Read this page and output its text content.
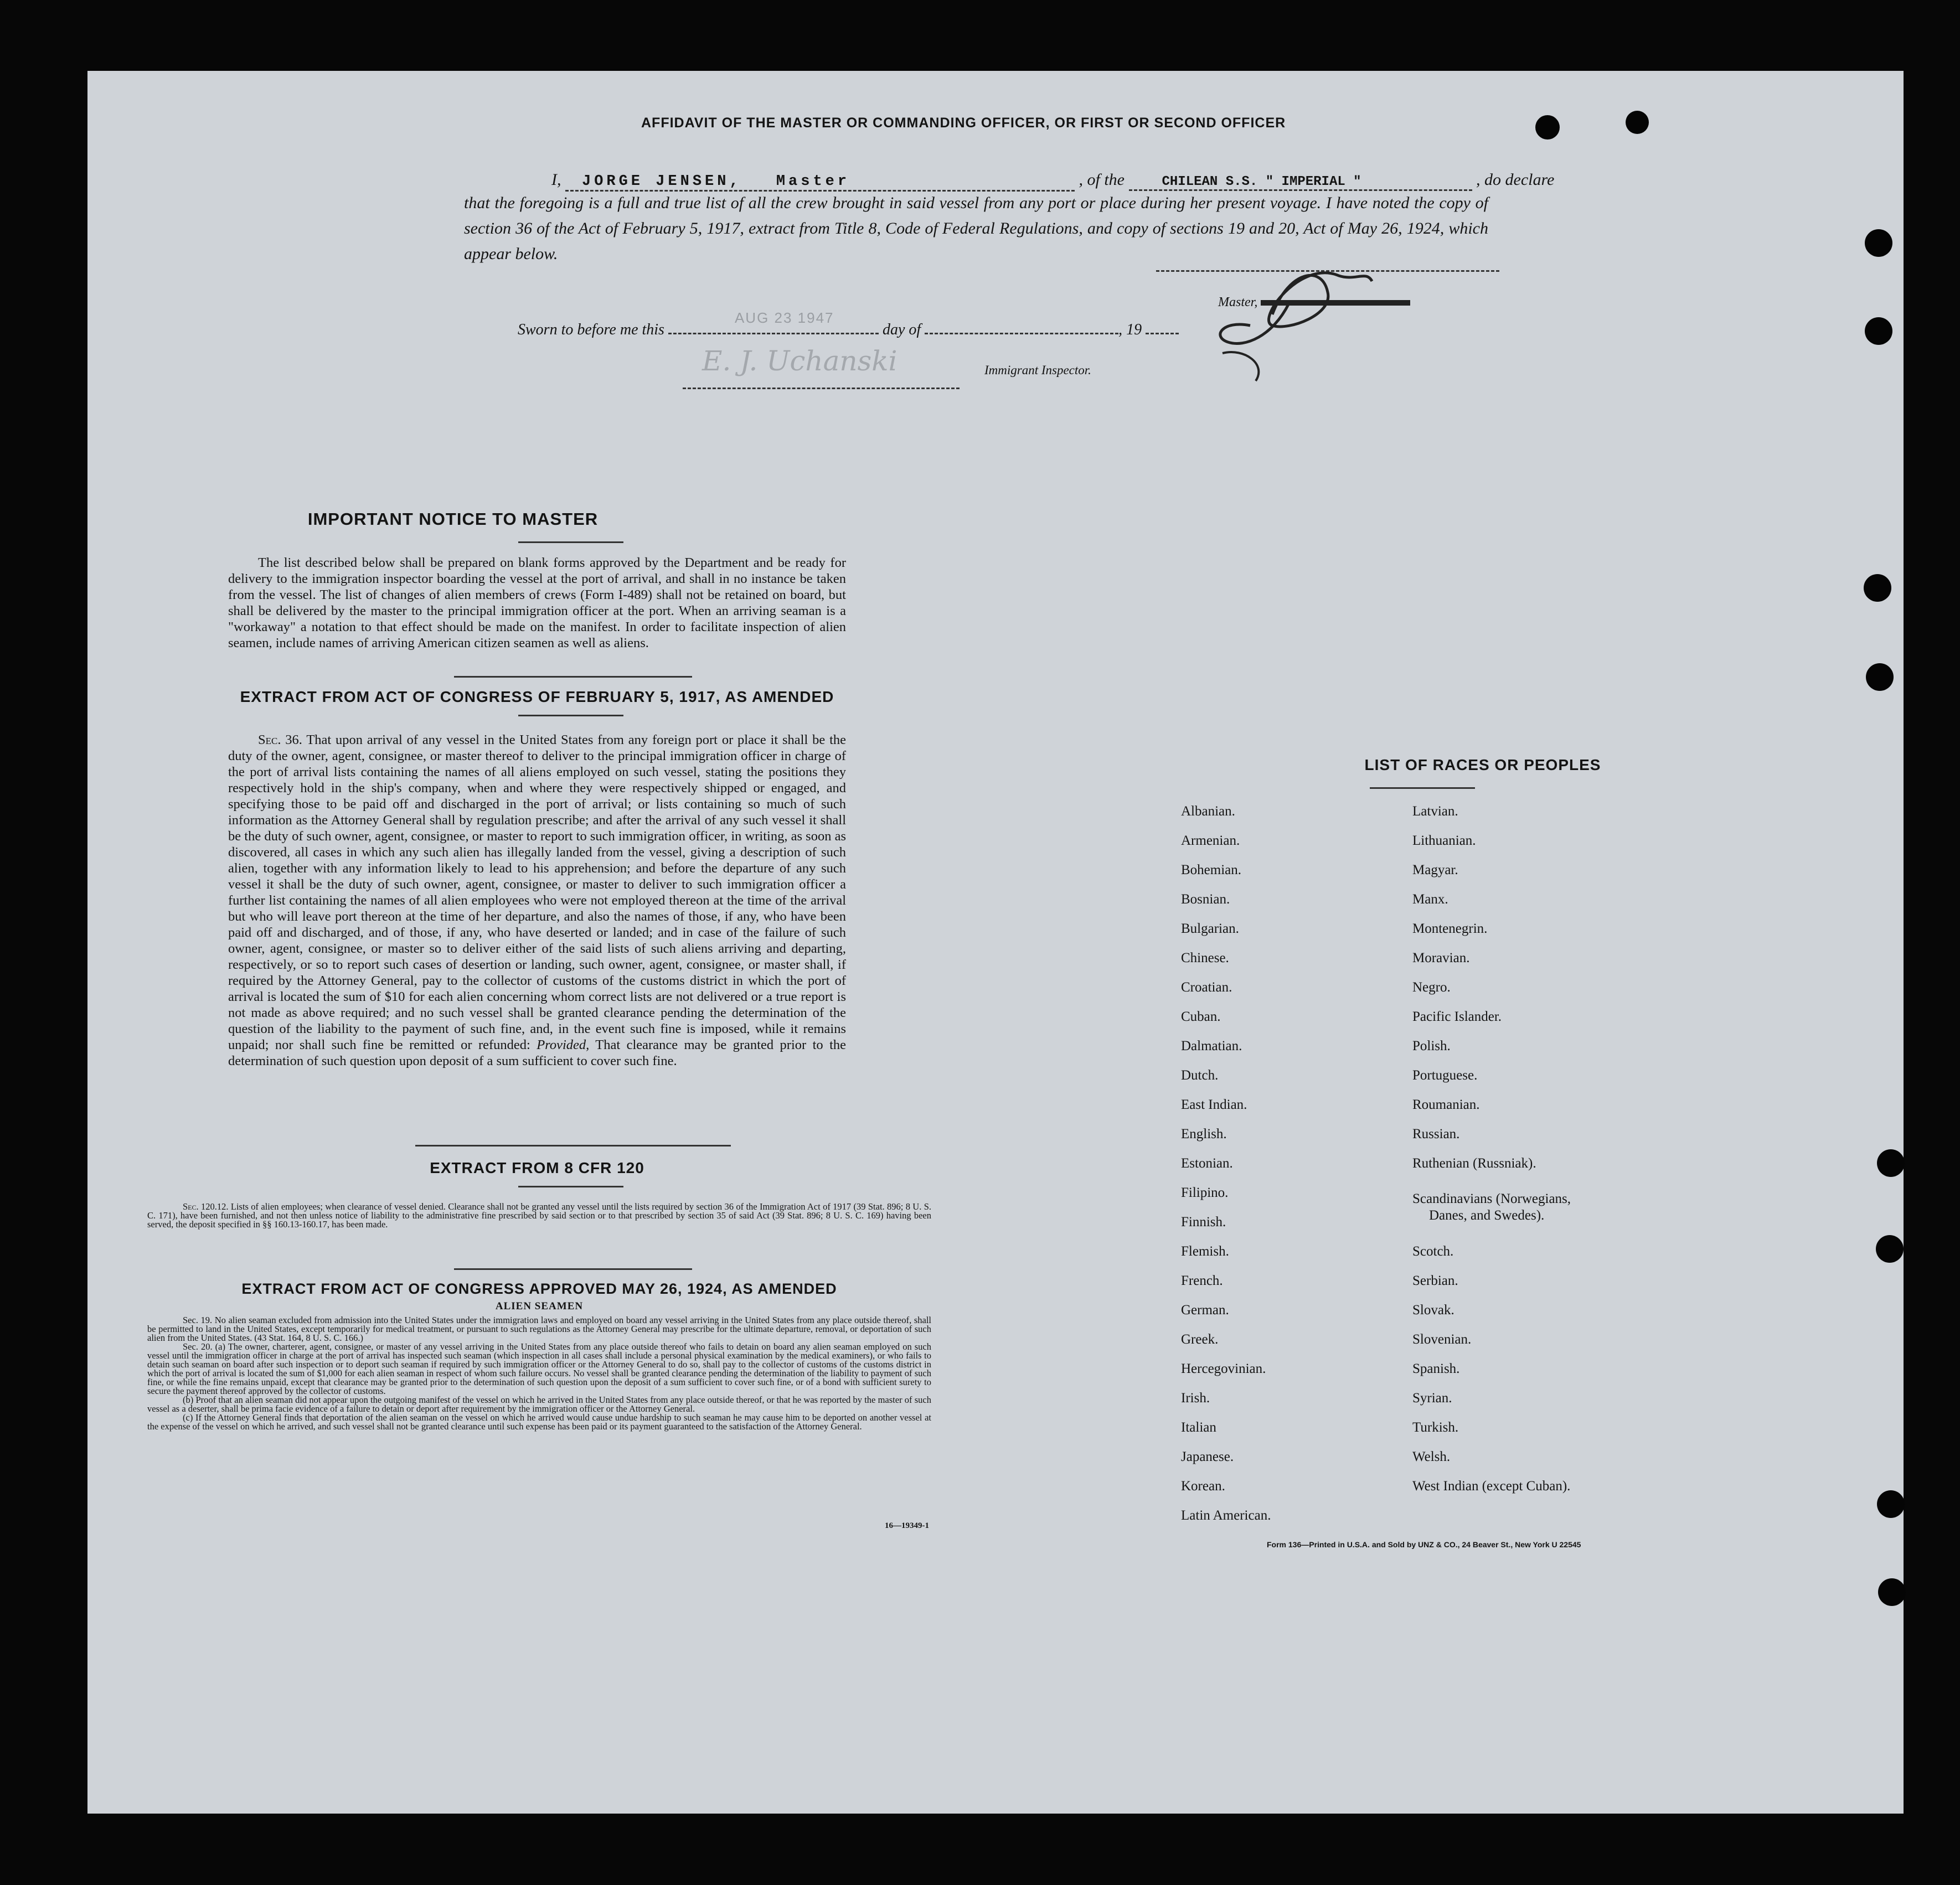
AFFIDAVIT OF THE MASTER OR COMMANDING OFFICER, OR FIRST OR SECOND OFFICER
I, JORGE JENSEN, Master	, of the	CHILEAN S.S. " IMPERIAL "	, do declare
that the foregoing is a full and true list of all the crew brought in said vessel from any port or place during her present voyage. I have noted the copy of section 36 of the Act of February 5, 1917, extract from Title 8, Code of Federal Regulations, and copy of sections 19 and 20, Act of May 26, 1924, which appear below.
Master,
Sworn to before me this
AUG 23 1947
day of	, 19
E. J. Uchanski	Immigrant Inspector.
IMPORTANT NOTICE TO MASTER
The list described below shall be prepared on blank forms approved by the Department and be ready for delivery to the immigration inspector boarding the vessel at the port of arrival, and shall in no instance be taken from the vessel. The list of changes of alien members of crews (Form I-489) shall not be retained on board, but shall be delivered by the master to the principal immigration officer at the port. When an arriving seaman is a "workaway" a notation to that effect should be made on the manifest. In order to facilitate inspection of alien seamen, include names of arriving American citizen seamen as well as aliens.
EXTRACT FROM ACT OF CONGRESS OF FEBRUARY 5, 1917, AS AMENDED
Sec. 36. That upon arrival of any vessel in the United States from any foreign port or place it shall be the duty of the owner, agent, consignee, or master thereof to deliver to the principal immigration officer in charge of the port of arrival lists containing the names of all aliens employed on such vessel, stating the positions they respectively hold in the ship's company, when and where they were respectively shipped or engaged, and specifying those to be paid off and discharged in the port of arrival; or lists containing so much of such information as the Attorney General shall by regulation prescribe; and after the arrival of any such vessel it shall be the duty of such owner, agent, consignee, or master to report to such immigration officer, in writing, as soon as discovered, all cases in which any such alien has illegally landed from the vessel, giving a description of such alien, together with any information likely to lead to his apprehension; and before the departure of any such vessel it shall be the duty of such owner, agent, consignee, or master to deliver to such immigration officer a further list containing the names of all alien employees who were not employed thereon at the time of the arrival but who will leave port thereon at the time of her departure, and also the names of those, if any, who have been paid off and discharged, and of those, if any, who have deserted or landed; and in case of the failure of such owner, agent, consignee, or master so to deliver either of the said lists of such aliens arriving and departing, respectively, or so to report such cases of desertion or landing, such owner, agent, consignee, or master shall, if required by the Attorney General, pay to the collector of customs of the customs district in which the port of arrival is located the sum of $10 for each alien concerning whom correct lists are not delivered or a true report is not made as above required; and no such vessel shall be granted clearance pending the determination of the question of the liability to the payment of such fine, and, in the event such fine is imposed, while it remains unpaid; nor shall such fine be remitted or refunded: Provided, That clearance may be granted prior to the determination of such question upon deposit of a sum sufficient to cover such fine.
EXTRACT FROM 8 CFR 120
Sec. 120.12. Lists of alien employees; when clearance of vessel denied. Clearance shall not be granted any vessel until the lists required by section 36 of the Immigration Act of 1917 (39 Stat. 896; 8 U. S. C. 171), have been furnished, and not then unless notice of liability to the administrative fine prescribed by said section or to that prescribed by section 35 of said Act (39 Stat. 896; 8 U. S. C. 169) having been served, the deposit specified in §§ 160.13-160.17, has been made.
EXTRACT FROM ACT OF CONGRESS APPROVED MAY 26, 1924, AS AMENDED
ALIEN SEAMEN
Sec. 19. No alien seaman excluded from admission into the United States under the immigration laws and employed on board any vessel arriving in the United States from any place outside thereof, shall be permitted to land in the United States, except temporarily for medical treatment, or pursuant to such regulations as the Attorney General may prescribe for the ultimate departure, removal, or deportation of such alien from the United States. (43 Stat. 164, 8 U. S. C. 166.)
Sec. 20. (a) The owner, charterer, agent, consignee, or master of any vessel arriving in the United States from any place outside thereof who fails to detain on board any alien seaman employed on such vessel until the immigration officer in charge at the port of arrival has inspected such seaman (which inspection in all cases shall include a personal physical examination by the medical examiners), or who fails to detain such seaman on board after such inspection or to deport such seaman if required by such immigration officer or the Attorney General to do so, shall pay to the collector of customs of the customs district in which the port of arrival is located the sum of $1,000 for each alien seaman in respect of whom such failure occurs. No vessel shall be granted clearance pending the determination of the liability to payment of such fine, or while the fine remains unpaid, except that clearance may be granted prior to the determination of such question upon the deposit of a sum sufficient to cover such fine, or of a bond with sufficient surety to secure the payment thereof approved by the collector of customs.
(b) Proof that an alien seaman did not appear upon the outgoing manifest of the vessel on which he arrived in the United States from any place outside thereof, or that he was reported by the master of such vessel as a deserter, shall be prima facie evidence of a failure to detain or deport after requirement by the immigration officer or the Attorney General.
(c) If the Attorney General finds that deportation of the alien seaman on the vessel on which he arrived would cause undue hardship to such seaman he may cause him to be deported on another vessel at the expense of the vessel on which he arrived, and such vessel shall not be granted clearance until such expense has been paid or its payment guaranteed to the satisfaction of the Attorney General.
16—19349-1
LIST OF RACES OR PEOPLES
Albanian.
Armenian.
Bohemian.
Bosnian.
Bulgarian.
Chinese.
Croatian.
Cuban.
Dalmatian.
Dutch.
East Indian.
English.
Estonian.
Filipino.
Finnish.
Flemish.
French.
German.
Greek.
Hercegovinian.
Irish.
Italian
Japanese.
Korean.
Latin American.
Latvian.
Lithuanian.
Magyar.
Manx.
Montenegrin.
Moravian.
Negro.
Pacific Islander.
Polish.
Portuguese.
Roumanian.
Russian.
Ruthenian (Russniak).
Scandinavians (Norwegians,
Danes, and Swedes).
Scotch.
Serbian.
Slovak.
Slovenian.
Spanish.
Syrian.
Turkish.
Welsh.
West Indian (except Cuban).
Form 136—Printed in U.S.A. and Sold by UNZ & CO., 24 Beaver St., New York U 22545
